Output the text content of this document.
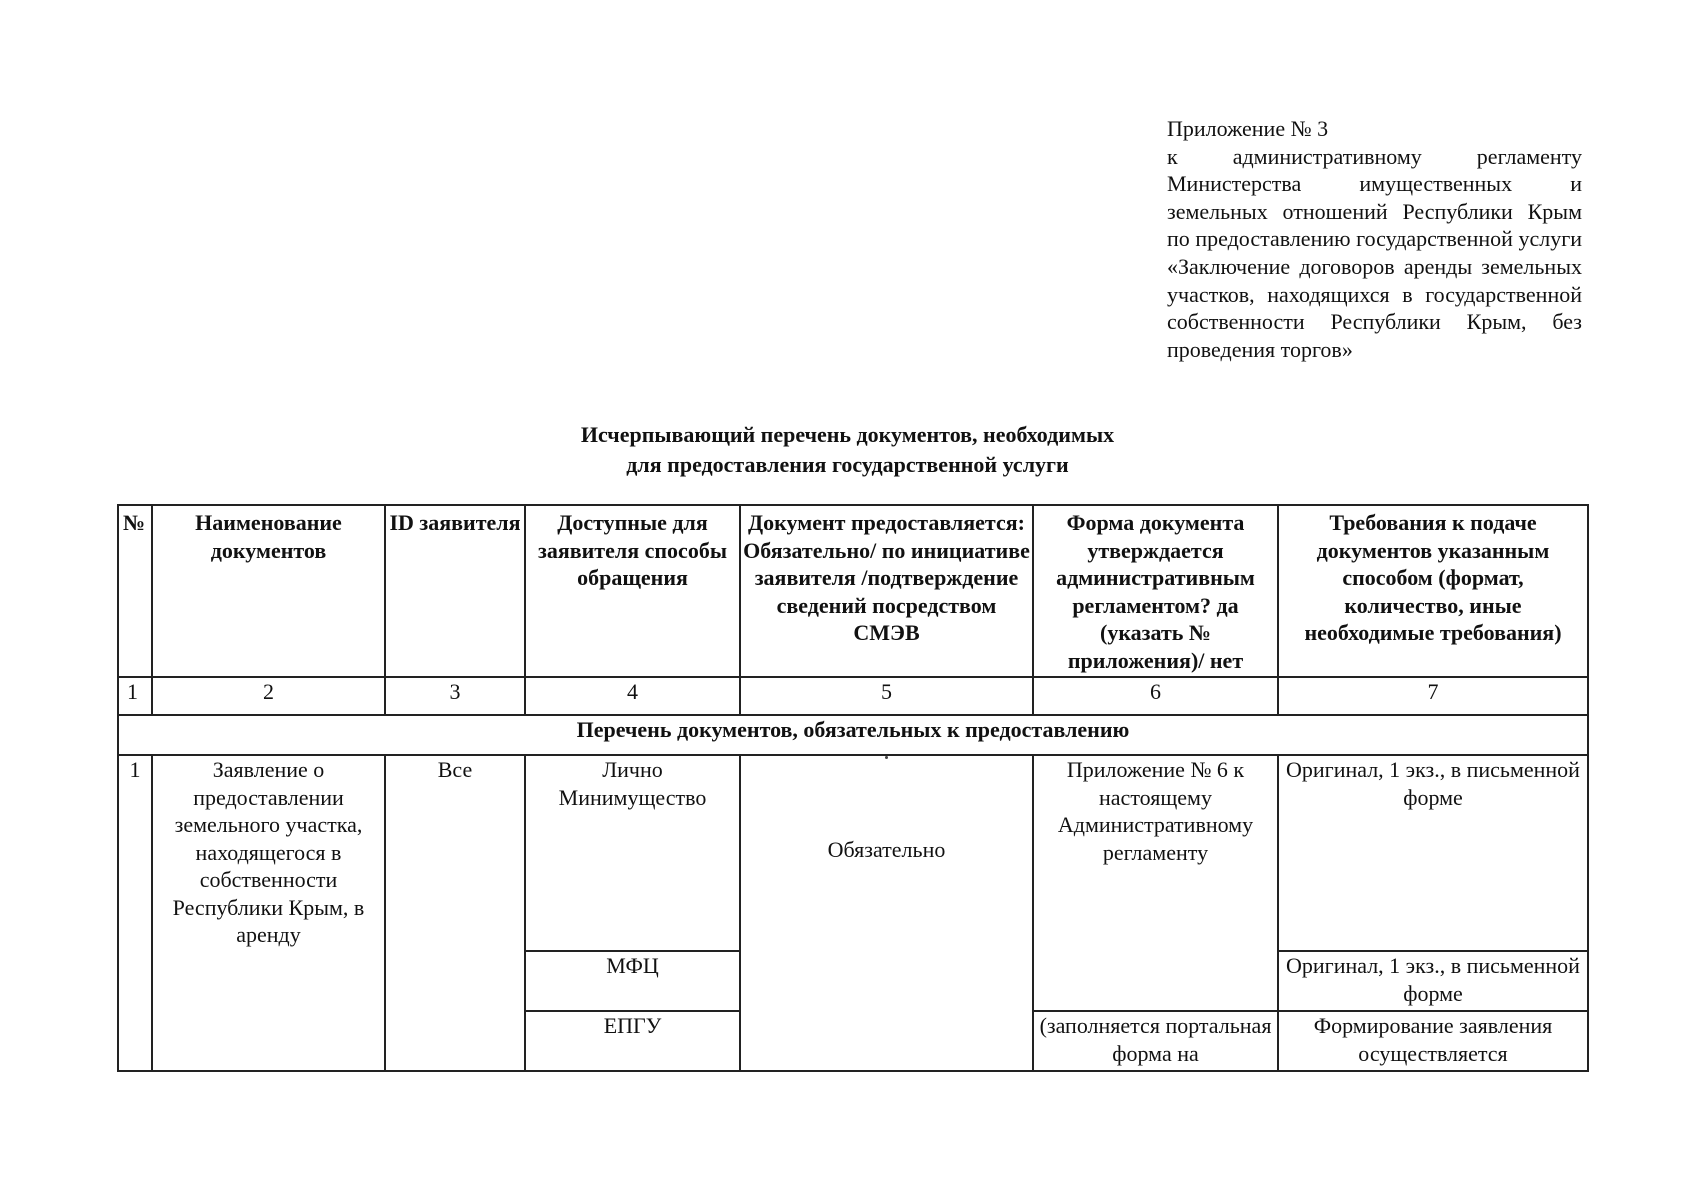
Приложение № 3
к административному регламенту Министерства имущественных и земельных отношений Республики Крым по предоставлению государственной услуги «Заключение договоров аренды земельных участков, находящихся в государственной собственности Республики Крым, без проведения торгов»
Исчерпывающий перечень документов, необходимых
для предоставления государственной услуги
№	Наименование документов	ID заявителя	Доступные для заявителя способы обращения	Документ предоставляется: Обязательно/ по инициативе заявителя /подтверждение сведений посредством СМЭВ	Форма документа утверждается административным регламентом? да (указать № приложения)/ нет	Требования к подаче документов указанным способом (формат, количество, иные необходимые требования)
1	2	3	4	5	6	7
Перечень документов, обязательных к предоставлению						
1	Заявление о предоставлении земельного участка, находящегося в собственности Республики Крым, в аренду	Все	Лично Минимущество	Обязательно	Приложение № 6 к настоящему Административному регламенту	Оригинал, 1 экз., в письменной форме
			МФЦ			Оригинал, 1 экз., в письменной форме
			ЕПГУ		(заполняется портальная форма на	Формирование заявления осуществляется
